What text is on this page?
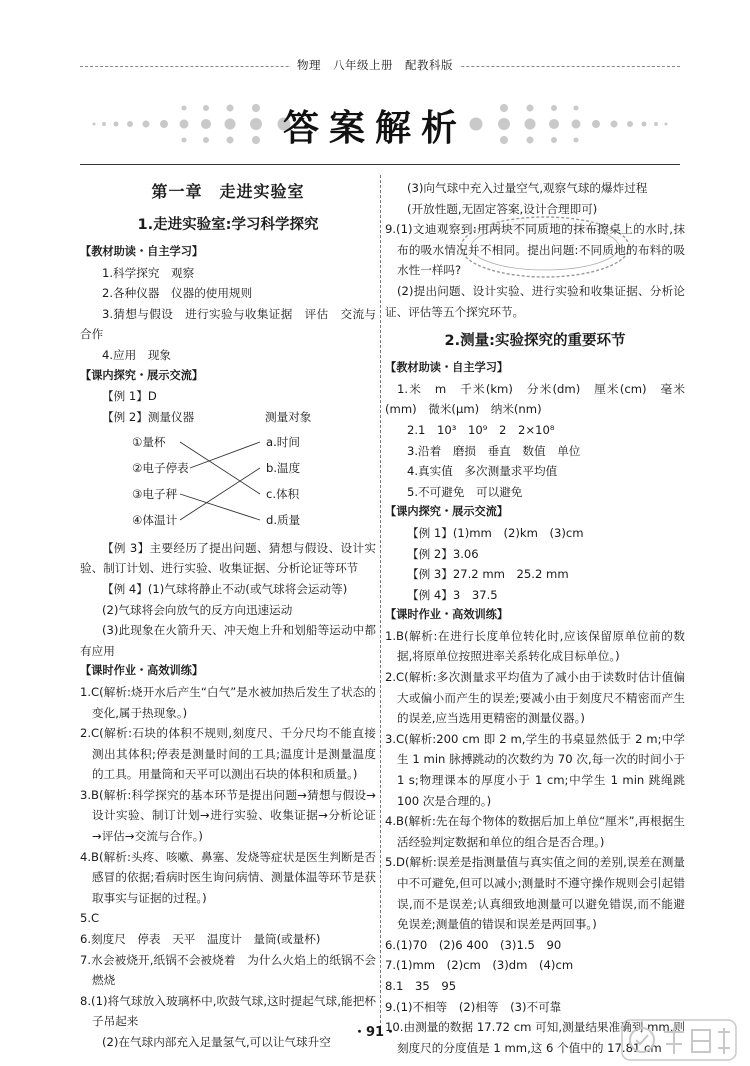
物理　八年级上册　配教科版
答案解析
第一章　走进实验室
1.走进实验室:学习科学探究

【教材助读・自主学习】

1.科学探究　观察

2.各种仪器　仪器的使用规则

3.猜想与假设　进行实验与收集证据　评估　交流与合作

4.应用　现象

【课内探究・展示交流】

【例 1】D

【例 2】测量仪器	测量对象
①量杯
②电子停表
③电子秤
④体温计
a.时间
b.温度
c.体积
d.质量

【例 3】主要经历了提出问题、猜想与假设、设计实验、制订计划、进行实验、收集证据、分析论证等环节

【例 4】(1)气球将静止不动(或气球将会运动等)

(2)气球将会向放气的反方向迅速运动

(3)此现象在火箭升天、冲天炮上升和划船等运动中都有应用

【课时作业・高效训练】

1.C(解析:烧开水后产生“白气”是水被加热后发生了状态的变化,属于热现象。)

2.C(解析:石块的体积不规则,刻度尺、千分尺均不能直接测出其体积;停表是测量时间的工具;温度计是测量温度的工具。用量筒和天平可以测出石块的体积和质量。)

3.B(解析:科学探究的基本环节是提出问题→猜想与假设→设计实验、制订计划→进行实验、收集证据→分析论证→评估→交流与合作。)

4.B(解析:头疼、咳嗽、鼻塞、发烧等症状是医生判断是否感冒的依据;看病时医生询问病情、测量体温等环节是获取事实与证据的过程。)

5.C

6.刻度尺　停表　天平　温度计　量筒(或量杯)

7.水会被烧开,纸锅不会被烧着　为什么火焰上的纸锅不会燃烧

8.(1)将气球放入玻璃杯中,吹鼓气球,这时提起气球,能把杯子吊起来

(2)在气球内部充入足量氢气,可以让气球升空

(3)向气球中充入过量空气,观察气球的爆炸过程

(开放性题,无固定答案,设计合理即可)

9.(1)文迪观察到:用两块不同质地的抹布擦桌上的水时,抹布的吸水情况并不相同。提出问题:不同质地的布料的吸水性一样吗?

(2)提出问题、设计实验、进行实验和收集证据、分析论证、评估等五个探究环节。

2.测量:实验探究的重要环节

【教材助读・自主学习】

1.米　m　千米(km)　分米(dm)　厘米(cm)　毫米(mm)　微米(μm)　纳米(nm)

2.1　10³　10⁹　2　2×10⁸

3.沿着　磨损　垂直　数值　单位

4.真实值　多次测量求平均值

5.不可避免　可以避免

【课内探究・展示交流】

【例 1】(1)mm　(2)km　(3)cm

【例 2】3.06

【例 3】27.2 mm　25.2 mm

【例 4】3　37.5

【课时作业・高效训练】

1.B(解析:在进行长度单位转化时,应该保留原单位前的数据,将原单位按照进率关系转化成目标单位。)

2.C(解析:多次测量求平均值为了减小由于读数时估计值偏大或偏小而产生的误差;要减小由于刻度尺不精密而产生的误差,应当选用更精密的测量仪器。)

3.C(解析:200 cm 即 2 m,学生的书桌显然低于 2 m;中学生 1 min 脉搏跳动的次数约为 70 次,每一次的时间小于 1 s;物理课本的厚度小于 1 cm;中学生 1 min 跳绳跳 100 次是合理的。)

4.B(解析:先在每个物体的数据后加上单位“厘米”,再根据生活经验判定数据和单位的组合是否合理。)

5.D(解析:误差是指测量值与真实值之间的差别,误差在测量中不可避免,但可以减小;测量时不遵守操作规则会引起错误,而不是误差;认真细致地测量可以避免错误,而不能避免误差;测量值的错误和误差是两回事。)

6.(1)70　(2)6 400　(3)1.5　90

7.(1)mm　(2)cm　(3)dm　(4)cm

8.1　35　95

9.(1)不相等　(2)相等　(3)不可靠

10.由测量的数据 17.72 cm 可知,测量结果准确到 mm,则刻度尺的分度值是 1 mm,这 6 个值中的 17.81 cm

・91・
